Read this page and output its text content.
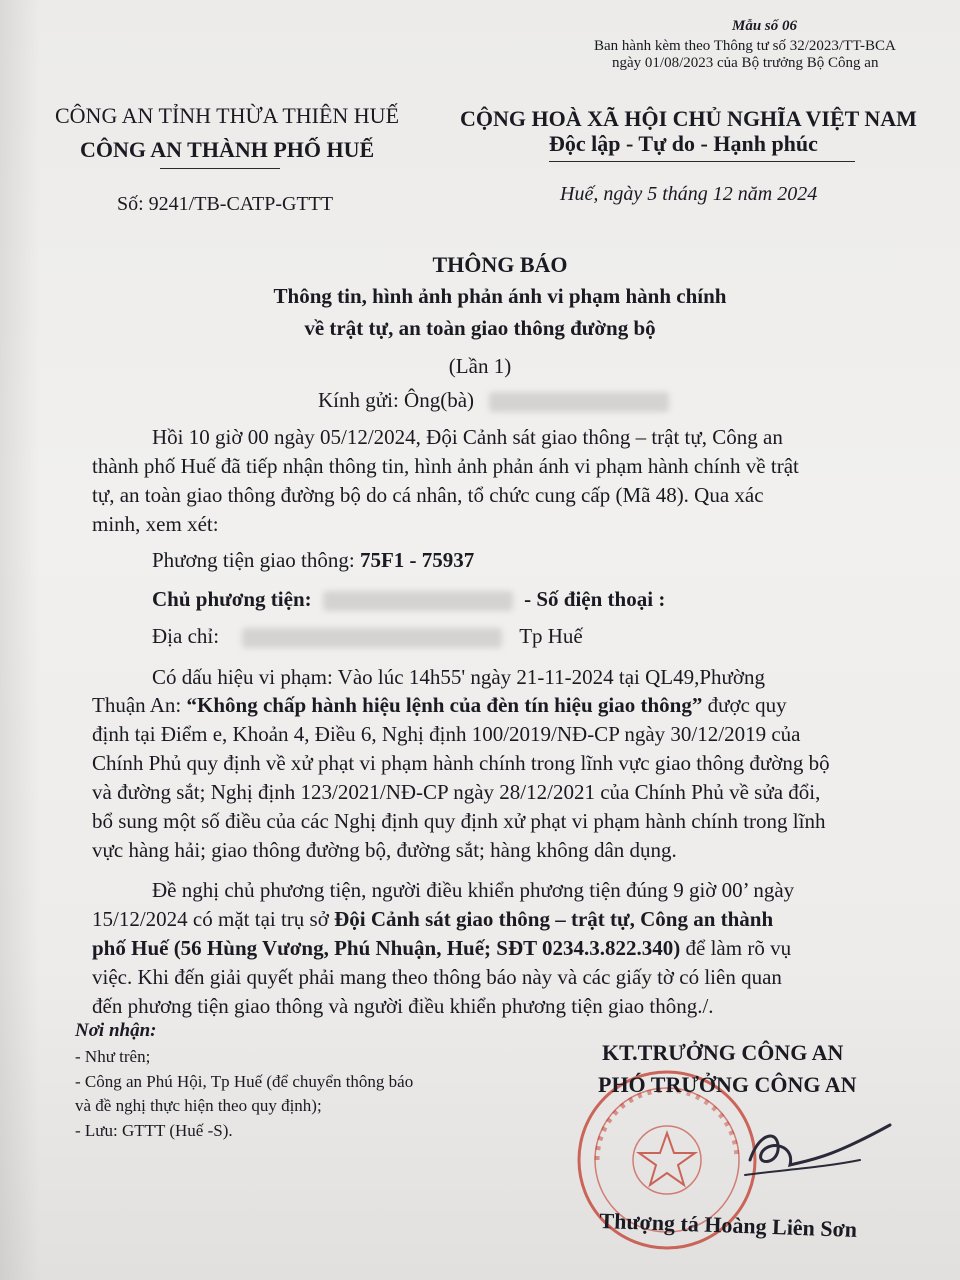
Mẫu số 06
Ban hành kèm theo Thông tư số 32/2023/TT-BCA
ngày 01/08/2023 của Bộ trưởng Bộ Công an
CÔNG AN TỈNH THỪA THIÊN HUẾ
CÔNG AN THÀNH PHỐ HUẾ
Số: 9241/TB-CATP-GTTT
CỘNG HOÀ XÃ HỘI CHỦ NGHĨA VIỆT NAM
Độc lập - Tự do - Hạnh phúc
Huế, ngày 5 tháng 12 năm 2024
THÔNG BÁO
Thông tin, hình ảnh phản ánh vi phạm hành chính
về trật tự, an toàn giao thông đường bộ
(Lần 1)
Kính gửi: Ông(bà)
Hồi 10 giờ 00 ngày 05/12/2024, Đội Cảnh sát giao thông – trật tự, Công an
thành phố Huế đã tiếp nhận thông tin, hình ảnh phản ánh vi phạm hành chính về trật
tự, an toàn giao thông đường bộ do cá nhân, tổ chức cung cấp (Mã 48). Qua xác
minh, xem xét:
Phương tiện giao thông: 75F1 - 75937
Chủ phương tiện:	- Số điện thoại :
Địa chỉ:	Tp Huế
Có dấu hiệu vi phạm: Vào lúc 14h55' ngày 21-11-2024 tại QL49,Phường
Thuận An: “Không chấp hành hiệu lệnh của đèn tín hiệu giao thông” được quy
định tại Điểm e, Khoản 4, Điều 6, Nghị định 100/2019/NĐ-CP ngày 30/12/2019 của
Chính Phủ quy định về xử phạt vi phạm hành chính trong lĩnh vực giao thông đường bộ
và đường sắt; Nghị định 123/2021/NĐ-CP ngày 28/12/2021 của Chính Phủ về sửa đổi,
bổ sung một số điều của các Nghị định quy định xử phạt vi phạm hành chính trong lĩnh
vực hàng hải; giao thông đường bộ, đường sắt; hàng không dân dụng.
Đề nghị chủ phương tiện, người điều khiển phương tiện đúng 9 giờ 00’ ngày
15/12/2024 có mặt tại trụ sở Đội Cảnh sát giao thông – trật tự, Công an thành
phố Huế (56 Hùng Vương, Phú Nhuận, Huế; SĐT 0234.3.822.340) để làm rõ vụ
việc. Khi đến giải quyết phải mang theo thông báo này và các giấy tờ có liên quan
đến phương tiện giao thông và người điều khiển phương tiện giao thông./.
Nơi nhận:
- Như trên;
- Công an Phú Hội, Tp Huế (để chuyển thông báo
và đề nghị thực hiện theo quy định);
- Lưu: GTTT (Huế -S).
KT.TRƯỞNG CÔNG AN
PHÓ TRƯỞNG CÔNG AN
Thượng tá Hoàng Liên Sơn
